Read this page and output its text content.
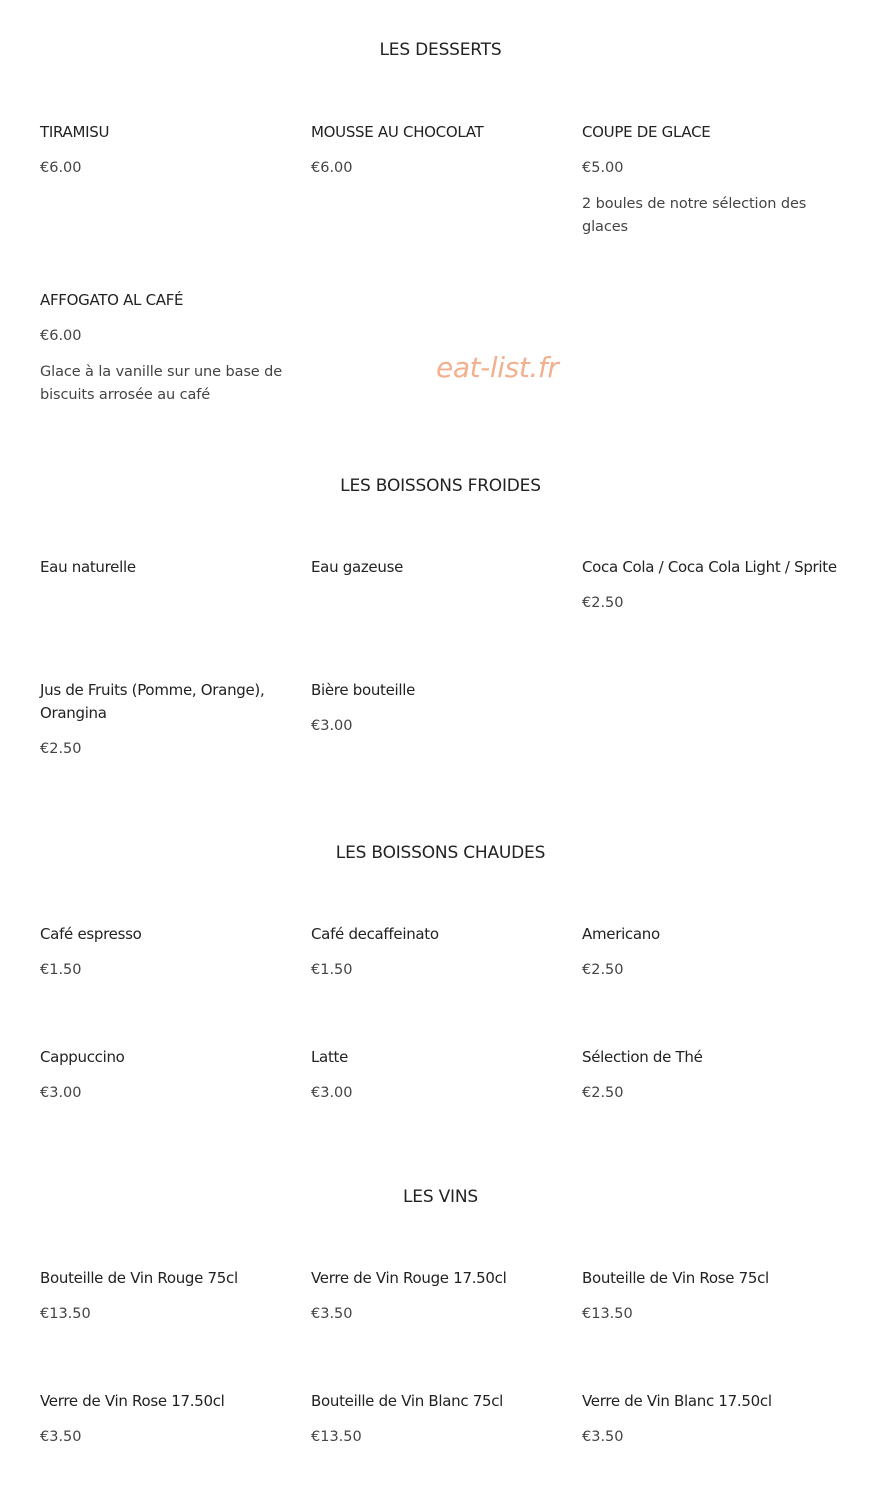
LES DESSERTS
TIRAMISU
€6.00
MOUSSE AU CHOCOLAT
€6.00
COUPE DE GLACE
€5.00
2 boules de notre sélection des glaces
AFFOGATO AL CAFÉ
€6.00
Glace à la vanille sur une base de biscuits arrosée au café
eat-list.fr
LES BOISSONS FROIDES
Eau naturelle	Eau gazeuse	Coca Cola / Coca Cola Light / Sprite
€2.50
Jus de Fruits (Pomme, Orange), Orangina
€2.50
Bière bouteille
€3.00
LES BOISSONS CHAUDES
Café espresso
€1.50
Café decaffeinato
€1.50
Americano
€2.50
Cappuccino
€3.00
Latte
€3.00
Sélection de Thé
€2.50
LES VINS
Bouteille de Vin Rouge 75cl
€13.50
Verre de Vin Rouge 17.50cl
€3.50
Bouteille de Vin Rose 75cl
€13.50
Verre de Vin Rose 17.50cl
€3.50
Bouteille de Vin Blanc 75cl
€13.50
Verre de Vin Blanc 17.50cl
€3.50
